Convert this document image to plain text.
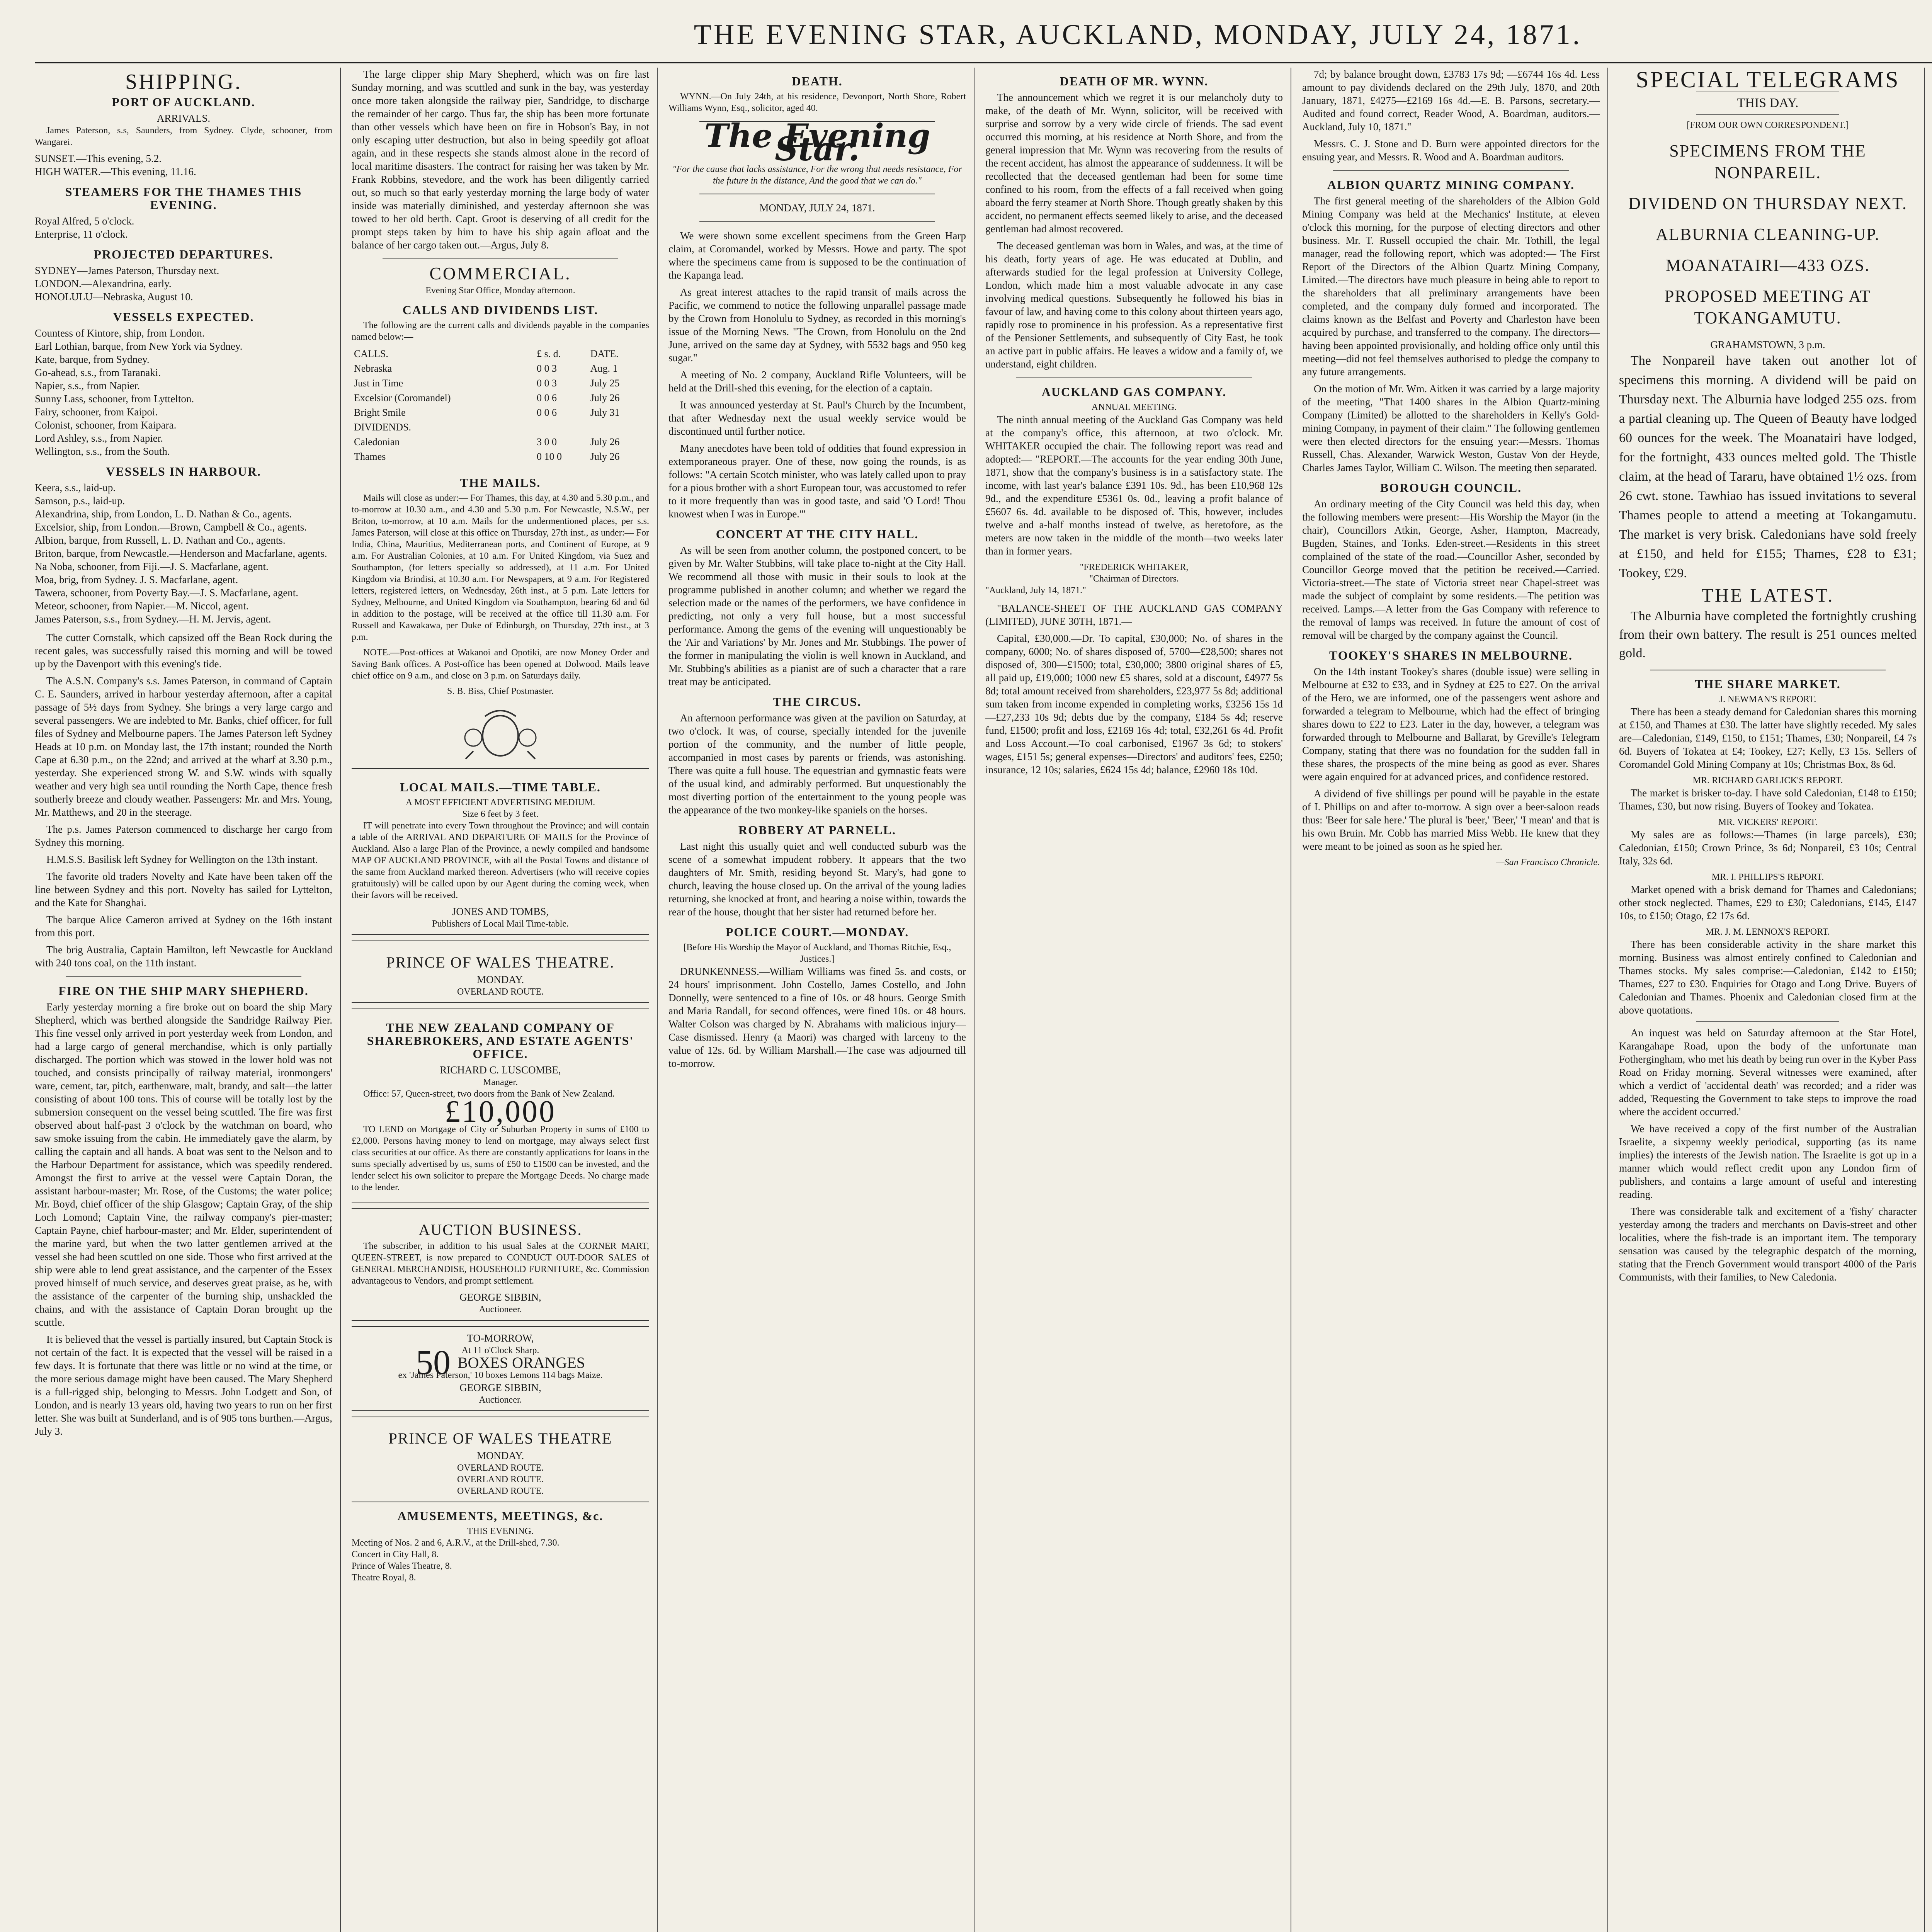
THE EVENING STAR, AUCKLAND, MONDAY, JULY 24, 1871.
SHIPPING.
PORT OF AUCKLAND.
ARRIVALS.

James Paterson, s.s, Saunders, from Sydney. Clyde, schooner, from Wangarei.

SUNSET.—This evening, 5.2.
HIGH WATER.—This evening, 11.16.
STEAMERS FOR THE THAMES THIS EVENING.
Royal Alfred, 5 o'clock.
Enterprise, 11 o'clock.
PROJECTED DEPARTURES.
SYDNEY—James Paterson, Thursday next.
LONDON.—Alexandrina, early.
HONOLULU—Nebraska, August 10.
VESSELS EXPECTED.
Countess of Kintore, ship, from London.
Earl Lothian, barque, from New York via Sydney.
Kate, barque, from Sydney.
Go-ahead, s.s., from Taranaki.
Napier, s.s., from Napier.
Sunny Lass, schooner, from Lyttelton.
Fairy, schooner, from Kaipoi.
Colonist, schooner, from Kaipara.
Lord Ashley, s.s., from Napier.
Wellington, s.s., from the South.
VESSELS IN HARBOUR.
Keera, s.s., laid-up.
Samson, p.s., laid-up.
Alexandrina, ship, from London, L. D. Nathan & Co., agents.
Excelsior, ship, from London.—Brown, Campbell & Co., agents.
Albion, barque, from Russell, L. D. Nathan and Co., agents.
Briton, barque, from Newcastle.—Henderson and Macfarlane, agents.
Na Noba, schooner, from Fiji.—J. S. Macfarlane, agent.
Moa, brig, from Sydney. J. S. Macfarlane, agent.
Tawera, schooner, from Poverty Bay.—J. S. Macfarlane, agent.
Meteor, schooner, from Napier.—M. Niccol, agent.
James Paterson, s.s., from Sydney.—H. M. Jervis, agent.

The cutter Cornstalk, which capsized off the Bean Rock during the recent gales, was successfully raised this morning and will be towed up by the Davenport with this evening's tide.

The A.S.N. Company's s.s. James Paterson, in command of Captain C. E. Saunders, arrived in harbour yesterday afternoon, after a capital passage of 5½ days from Sydney. She brings a very large cargo and several passengers. We are indebted to Mr. Banks, chief officer, for full files of Sydney and Melbourne papers. The James Paterson left Sydney Heads at 10 p.m. on Monday last, the 17th instant; rounded the North Cape at 6.30 p.m., on the 22nd; and arrived at the wharf at 3.30 p.m., yesterday. She experienced strong W. and S.W. winds with squally weather and very high sea until rounding the North Cape, thence fresh southerly breeze and cloudy weather. Passengers: Mr. and Mrs. Young, Mr. Matthews, and 20 in the steerage.

The p.s. James Paterson commenced to discharge her cargo from Sydney this morning.

H.M.S.S. Basilisk left Sydney for Wellington on the 13th instant.

The favorite old traders Novelty and Kate have been taken off the line between Sydney and this port. Novelty has sailed for Lyttelton, and the Kate for Shanghai.

The barque Alice Cameron arrived at Sydney on the 16th instant from this port.

The brig Australia, Captain Hamilton, left Newcastle for Auckland with 240 tons coal, on the 11th instant.

FIRE ON THE SHIP MARY SHEPHERD.

Early yesterday morning a fire broke out on board the ship Mary Shepherd, which was berthed alongside the Sandridge Railway Pier. This fine vessel only arrived in port yesterday week from London, and had a large cargo of general merchandise, which is only partially discharged. The portion which was stowed in the lower hold was not touched, and consists principally of railway material, ironmongers' ware, cement, tar, pitch, earthenware, malt, brandy, and salt—the latter consisting of about 100 tons. This of course will be totally lost by the submersion consequent on the vessel being scuttled. The fire was first observed about half-past 3 o'clock by the watchman on board, who saw smoke issuing from the cabin. He immediately gave the alarm, by calling the captain and all hands. A boat was sent to the Nelson and to the Harbour Department for assistance, which was speedily rendered. Amongst the first to arrive at the vessel were Captain Doran, the assistant harbour-master; Mr. Rose, of the Customs; the water police; Mr. Boyd, chief officer of the ship Glasgow; Captain Gray, of the ship Loch Lomond; Captain Vine, the railway company's pier-master; Captain Payne, chief harbour-master; and Mr. Elder, superintendent of the marine yard, but when the two latter gentlemen arrived at the vessel she had been scuttled on one side. Those who first arrived at the ship were able to lend great assistance, and the carpenter of the Essex proved himself of much service, and deserves great praise, as he, with the assistance of the carpenter of the burning ship, unshackled the chains, and with the assistance of Captain Doran brought up the scuttle.

It is believed that the vessel is partially insured, but Captain Stock is not certain of the fact. It is expected that the vessel will be raised in a few days. It is fortunate that there was little or no wind at the time, or the more serious damage might have been caused. The Mary Shepherd is a full-rigged ship, belonging to Messrs. John Lodgett and Son, of London, and is nearly 13 years old, having two years to run on her first letter. She was built at Sunderland, and is of 905 tons burthen.—Argus, July 3.

The large clipper ship Mary Shepherd, which was on fire last Sunday morning, and was scuttled and sunk in the bay, was yesterday once more taken alongside the railway pier, Sandridge, to discharge the remainder of her cargo. Thus far, the ship has been more fortunate than other vessels which have been on fire in Hobson's Bay, in not only escaping utter destruction, but also in being speedily got afloat again, and in these respects she stands almost alone in the record of local maritime disasters. The contract for raising her was taken by Mr. Frank Robbins, stevedore, and the work has been diligently carried out, so much so that early yesterday morning the large body of water inside was materially diminished, and yesterday afternoon she was towed to her old berth. Capt. Groot is deserving of all credit for the prompt steps taken by him to have his ship again afloat and the balance of her cargo taken out.—Argus, July 8.

COMMERCIAL.
Evening Star Office, Monday afternoon.
CALLS AND DIVIDENDS LIST.

The following are the current calls and dividends payable in the companies named below:—

CALLS.	£ s. d.	DATE.
Nebraska	0 0 3	Aug. 1
Just in Time	0 0 3	July 25
Excelsior (Coromandel)	0 0 6	July 26
Bright Smile	0 0 6	July 31
DIVIDENDS.		
Caledonian	3 0 0	July 26
Thames	0 10 0	July 26
THE MAILS.

Mails will close as under:— For Thames, this day, at 4.30 and 5.30 p.m., and to-morrow at 10.30 a.m., and 4.30 and 5.30 p.m. For Newcastle, N.S.W., per Briton, to-morrow, at 10 a.m. Mails for the undermentioned places, per s.s. James Paterson, will close at this office on Thursday, 27th inst., as under:— For India, China, Mauritius, Mediterranean ports, and Continent of Europe, at 9 a.m. For Australian Colonies, at 10 a.m. For United Kingdom, via Suez and Southampton, (for letters specially so addressed), at 11 a.m. For United Kingdom via Brindisi, at 10.30 a.m. For Newspapers, at 9 a.m. For Registered letters, registered letters, on Wednesday, 26th inst., at 5 p.m. Late letters for Sydney, Melbourne, and United Kingdom via Southampton, bearing 6d and 6d in addition to the postage, will be received at the office till 11.30 a.m. For Russell and Kawakawa, per Duke of Edinburgh, on Thursday, 27th inst., at 3 p.m.

NOTE.—Post-offices at Wakanoi and Opotiki, are now Money Order and Saving Bank offices. A Post-office has been opened at Dolwood. Mails leave chief office on 9 a.m., and close on 3 p.m. on Saturdays daily.

S. B. Biss, Chief Postmaster.
LOCAL MAILS.—TIME TABLE.
A MOST EFFICIENT ADVERTISING MEDIUM.
Size 6 feet by 3 feet.

IT will penetrate into every Town throughout the Province; and will contain a table of the ARRIVAL AND DEPARTURE OF MAILS for the Province of Auckland. Also a large Plan of the Province, a newly compiled and handsome MAP OF AUCKLAND PROVINCE, with all the Postal Towns and distance of the same from Auckland marked thereon. Advertisers (who will receive copies gratuitously) will be called upon by our Agent during the coming week, when their favors will be received.

JONES AND TOMBS,
Publishers of Local Mail Time-table.
PRINCE OF WALES THEATRE.
MONDAY.
OVERLAND ROUTE.
THE NEW ZEALAND COMPANY OF SHAREBROKERS, AND ESTATE AGENTS' OFFICE.
RICHARD C. LUSCOMBE,
Manager.

Office: 57, Queen-street, two doors from the Bank of New Zealand.

£10,000

TO LEND on Mortgage of City or Suburban Property in sums of £100 to £2,000. Persons having money to lend on mortgage, may always select first class securities at our office. As there are constantly applications for loans in the sums specially advertised by us, sums of £50 to £1500 can be invested, and the lender select his own solicitor to prepare the Mortgage Deeds. No charge made to the lender.

AUCTION BUSINESS.

The subscriber, in addition to his usual Sales at the CORNER MART, QUEEN-STREET, is now prepared to CONDUCT OUT-DOOR SALES of GENERAL MERCHANDISE, HOUSEHOLD FURNITURE, &c. Commission advantageous to Vendors, and prompt settlement.

GEORGE SIBBIN,
Auctioneer.
TO-MORROW,
At 11 o'Clock Sharp.
50 BOXES ORANGES
ex 'James Paterson,' 10 boxes Lemons 114 bags Maize.
GEORGE SIBBIN,
Auctioneer.
PRINCE OF WALES THEATRE
MONDAY.
OVERLAND ROUTE.
OVERLAND ROUTE.
OVERLAND ROUTE.
AMUSEMENTS, MEETINGS, &c.
THIS EVENING.
Meeting of Nos. 2 and 6, A.R.V., at the Drill-shed, 7.30.
Concert in City Hall, 8.
Prince of Wales Theatre, 8.
Theatre Royal, 8.
DEATH.

WYNN.—On July 24th, at his residence, Devonport, North Shore, Robert Williams Wynn, Esq., solicitor, aged 40.

The Evening Star.
"For the cause that lacks assistance, For the wrong that needs resistance, For the future in the distance, And the good that we can do."
MONDAY, JULY 24, 1871.

We were shown some excellent specimens from the Green Harp claim, at Coromandel, worked by Messrs. Howe and party. The spot where the specimens came from is supposed to be the continuation of the Kapanga lead.

As great interest attaches to the rapid transit of mails across the Pacific, we commend to notice the following unparallel passage made by the Crown from Honolulu to Sydney, as recorded in this morning's issue of the Morning News. "The Crown, from Honolulu on the 2nd June, arrived on the same day at Sydney, with 5532 bags and 950 keg sugar."

A meeting of No. 2 company, Auckland Rifle Volunteers, will be held at the Drill-shed this evening, for the election of a captain.

It was announced yesterday at St. Paul's Church by the Incumbent, that after Wednesday next the usual weekly service would be discontinued until further notice.

Many anecdotes have been told of oddities that found expression in extemporaneous prayer. One of these, now going the rounds, is as follows: "A certain Scotch minister, who was lately called upon to pray for a pious brother with a short European tour, was accustomed to refer to it more frequently than was in good taste, and said 'O Lord! Thou knowest when I was in Europe.'"

CONCERT AT THE CITY HALL.

As will be seen from another column, the postponed concert, to be given by Mr. Walter Stubbins, will take place to-night at the City Hall. We recommend all those with music in their souls to look at the programme published in another column; and whether we regard the selection made or the names of the performers, we have confidence in predicting, not only a very full house, but a most successful performance. Among the gems of the evening will unquestionably be the 'Air and Variations' by Mr. Jones and Mr. Stubbings. The power of the former in manipulating the violin is well known in Auckland, and Mr. Stubbing's abilities as a pianist are of such a character that a rare treat may be anticipated.

THE CIRCUS.

An afternoon performance was given at the pavilion on Saturday, at two o'clock. It was, of course, specially intended for the juvenile portion of the community, and the number of little people, accompanied in most cases by parents or friends, was astonishing. There was quite a full house. The equestrian and gymnastic feats were of the usual kind, and admirably performed. But unquestionably the most diverting portion of the entertainment to the young people was the appearance of the two monkey-like spaniels on the horses.

ROBBERY AT PARNELL.

Last night this usually quiet and well conducted suburb was the scene of a somewhat impudent robbery. It appears that the two daughters of Mr. Smith, residing beyond St. Mary's, had gone to church, leaving the house closed up. On the arrival of the young ladies returning, she knocked at front, and hearing a noise within, towards the rear of the house, thought that her sister had returned before her.

POLICE COURT.—MONDAY.
[Before His Worship the Mayor of Auckland, and Thomas Ritchie, Esq., Justices.]

DRUNKENNESS.—William Williams was fined 5s. and costs, or 24 hours' imprisonment. John Costello, James Costello, and John Donnelly, were sentenced to a fine of 10s. or 48 hours. George Smith and Maria Randall, for second offences, were fined 10s. or 48 hours. Walter Colson was charged by N. Abrahams with malicious injury—Case dismissed. Henry (a Maori) was charged with larceny to the value of 12s. 6d. by William Marshall.—The case was adjourned till to-morrow.

DEATH OF MR. WYNN.

The announcement which we regret it is our melancholy duty to make, of the death of Mr. Wynn, solicitor, will be received with surprise and sorrow by a very wide circle of friends. The sad event occurred this morning, at his residence at North Shore, and from the general impression that Mr. Wynn was recovering from the results of the recent accident, has almost the appearance of suddenness. It will be recollected that the deceased gentleman had been for some time confined to his room, from the effects of a fall received when going aboard the ferry steamer at North Shore. Though greatly shaken by this accident, no permanent effects seemed likely to arise, and the deceased gentleman had almost recovered.

The deceased gentleman was born in Wales, and was, at the time of his death, forty years of age. He was educated at Dublin, and afterwards studied for the legal profession at University College, London, which made him a most valuable advocate in any case involving medical questions. Subsequently he followed his bias in favour of law, and having come to this colony about thirteen years ago, rapidly rose to prominence in his profession. As a representative first of the Pensioner Settlements, and subsequently of City East, he took an active part in public affairs. He leaves a widow and a family of, we understand, eight children.

AUCKLAND GAS COMPANY.
ANNUAL MEETING.

The ninth annual meeting of the Auckland Gas Company was held at the company's office, this afternoon, at two o'clock. Mr. WHITAKER occupied the chair. The following report was read and adopted:— "REPORT.—The accounts for the year ending 30th June, 1871, show that the company's business is in a satisfactory state. The income, with last year's balance £391 10s. 9d., has been £10,968 12s 9d., and the expenditure £5361 0s. 0d., leaving a profit balance of £5607 6s. 4d. available to be disposed of. This, however, includes twelve and a-half months instead of twelve, as heretofore, as the meters are now taken in the middle of the month—two weeks later than in former years.

"FREDERICK WHITAKER,
"Chairman of Directors.
"Auckland, July 14, 1871."

"BALANCE-SHEET OF THE AUCKLAND GAS COMPANY (LIMITED), JUNE 30TH, 1871.—

Capital, £30,000.—Dr. To capital, £30,000; No. of shares in the company, 6000; No. of shares disposed of, 5700—£28,500; shares not disposed of, 300—£1500; total, £30,000; 3800 original shares of £5, all paid up, £19,000; 1000 new £5 shares, sold at a discount, £4977 5s 8d; total amount received from shareholders, £23,977 5s 8d; additional sum taken from income expended in completing works, £3256 15s 1d—£27,233 10s 9d; debts due by the company, £184 5s 4d; reserve fund, £1500; profit and loss, £2169 16s 4d; total, £32,261 6s 4d. Profit and Loss Account.—To coal carbonised, £1967 3s 6d; to stokers' wages, £151 5s; general expenses—Directors' and auditors' fees, £250; insurance, 12 10s; salaries, £624 15s 4d; balance, £2960 18s 10d.

7d; by balance brought down, £3783 17s 9d; —£6744 16s 4d. Less amount to pay dividends declared on the 29th July, 1870, and 20th January, 1871, £4275—£2169 16s 4d.—E. B. Parsons, secretary.—Audited and found correct, Reader Wood, A. Boardman, auditors.—Auckland, July 10, 1871."

Messrs. C. J. Stone and D. Burn were appointed directors for the ensuing year, and Messrs. R. Wood and A. Boardman auditors.

ALBION QUARTZ MINING COMPANY.

The first general meeting of the shareholders of the Albion Gold Mining Company was held at the Mechanics' Institute, at eleven o'clock this morning, for the purpose of electing directors and other business. Mr. T. Russell occupied the chair. Mr. Tothill, the legal manager, read the following report, which was adopted:— The First Report of the Directors of the Albion Quartz Mining Company, Limited.—The directors have much pleasure in being able to report to the shareholders that all preliminary arrangements have been completed, and the company duly formed and incorporated. The claims known as the Belfast and Poverty and Charleston have been acquired by purchase, and transferred to the company. The directors—having been appointed provisionally, and holding office only until this meeting—did not feel themselves authorised to pledge the company to any future arrangements.

On the motion of Mr. Wm. Aitken it was carried by a large majority of the meeting, "That 1400 shares in the Albion Quartz-mining Company (Limited) be allotted to the shareholders in Kelly's Gold-mining Company, in payment of their claim." The following gentlemen were then elected directors for the ensuing year:—Messrs. Thomas Russell, Chas. Alexander, Warwick Weston, Gustav Von der Heyde, Charles James Taylor, William C. Wilson. The meeting then separated.

BOROUGH COUNCIL.

An ordinary meeting of the City Council was held this day, when the following members were present:—His Worship the Mayor (in the chair), Councillors Atkin, George, Asher, Hampton, Macready, Bugden, Staines, and Tonks. Eden-street.—Residents in this street complained of the state of the road.—Councillor Asher, seconded by Councillor George moved that the petition be received.—Carried. Victoria-street.—The state of Victoria street near Chapel-street was made the subject of complaint by some residents.—The petition was received. Lamps.—A letter from the Gas Company with reference to the removal of lamps was received. In future the amount of cost of removal will be charged by the company against the Council.

TOOKEY'S SHARES IN MELBOURNE.

On the 14th instant Tookey's shares (double issue) were selling in Melbourne at £32 to £33, and in Sydney at £25 to £27. On the arrival of the Hero, we are informed, one of the passengers went ashore and forwarded a telegram to Melbourne, which had the effect of bringing shares down to £22 to £23. Later in the day, however, a telegram was forwarded through to Melbourne and Ballarat, by Greville's Telegram Company, stating that there was no foundation for the sudden fall in these shares, the prospects of the mine being as good as ever. Shares were again enquired for at advanced prices, and confidence restored.

A dividend of five shillings per pound will be payable in the estate of I. Phillips on and after to-morrow. A sign over a beer-saloon reads thus: 'Beer for sale here.' The plural is 'beer,' 'Beer,' 'I mean' and that is his own Bruin. Mr. Cobb has married Miss Webb. He knew that they were meant to be joined as soon as he spied her.

—San Francisco Chronicle.
SPECIAL TELEGRAMS
THIS DAY.
[FROM OUR OWN CORRESPONDENT.]
SPECIMENS FROM THE NONPAREIL.
DIVIDEND ON THURSDAY NEXT.
ALBURNIA CLEANING-UP.
MOANATAIRI—433 OZS.
PROPOSED MEETING AT TOKANGAMUTU.
GRAHAMSTOWN, 3 p.m.

The Nonpareil have taken out another lot of specimens this morning. A dividend will be paid on Thursday next. The Alburnia have lodged 255 ozs. from a partial cleaning up. The Queen of Beauty have lodged 60 ounces for the week. The Moanatairi have lodged, for the fortnight, 433 ounces melted gold. The Thistle claim, at the head of Tararu, have obtained 1½ ozs. from 26 cwt. stone. Tawhiao has issued invitations to several Thames people to attend a meeting at Tokangamutu. The market is very brisk. Caledonians have sold freely at £150, and held for £155; Thames, £28 to £31; Tookey, £29.

THE LATEST.

The Alburnia have completed the fortnightly crushing from their own battery. The result is 251 ounces melted gold.

THE SHARE MARKET.
J. NEWMAN'S REPORT.

There has been a steady demand for Caledonian shares this morning at £150, and Thames at £30. The latter have slightly receded. My sales are—Caledonian, £149, £150, to £151; Thames, £30; Nonpareil, £4 7s 6d. Buyers of Tokatea at £4; Tookey, £27; Kelly, £3 15s. Sellers of Coromandel Gold Mining Company at 10s; Christmas Box, 8s 6d.

MR. RICHARD GARLICK'S REPORT.

The market is brisker to-day. I have sold Caledonian, £148 to £150; Thames, £30, but now rising. Buyers of Tookey and Tokatea.

MR. VICKERS' REPORT.

My sales are as follows:—Thames (in large parcels), £30; Caledonian, £150; Crown Prince, 3s 6d; Nonpareil, £3 10s; Central Italy, 32s 6d.

MR. I. PHILLIPS'S REPORT.

Market opened with a brisk demand for Thames and Caledonians; other stock neglected. Thames, £29 to £30; Caledonians, £145, £147 10s, to £150; Otago, £2 17s 6d.

MR. J. M. LENNOX'S REPORT.

There has been considerable activity in the share market this morning. Business was almost entirely confined to Caledonian and Thames stocks. My sales comprise:—Caledonian, £142 to £150; Thames, £27 to £30. Enquiries for Otago and Long Drive. Buyers of Caledonian and Thames. Phoenix and Caledonian closed firm at the above quotations.

An inquest was held on Saturday afternoon at the Star Hotel, Karangahape Road, upon the body of the unfortunate man Fothergingham, who met his death by being run over in the Kyber Pass Road on Friday morning. Several witnesses were examined, after which a verdict of 'accidental death' was recorded; and a rider was added, 'Requesting the Government to take steps to improve the road where the accident occurred.'

We have received a copy of the first number of the Australian Israelite, a sixpenny weekly periodical, supporting (as its name implies) the interests of the Jewish nation. The Israelite is got up in a manner which would reflect credit upon any London firm of publishers, and contains a large amount of useful and interesting reading.

There was considerable talk and excitement of a 'fishy' character yesterday among the traders and merchants on Davis-street and other localities, where the fish-trade is an important item. The temporary sensation was caused by the telegraphic despatch of the morning, stating that the French Government would transport 4000 of the Paris Communists, with their families, to New Caledonia.
